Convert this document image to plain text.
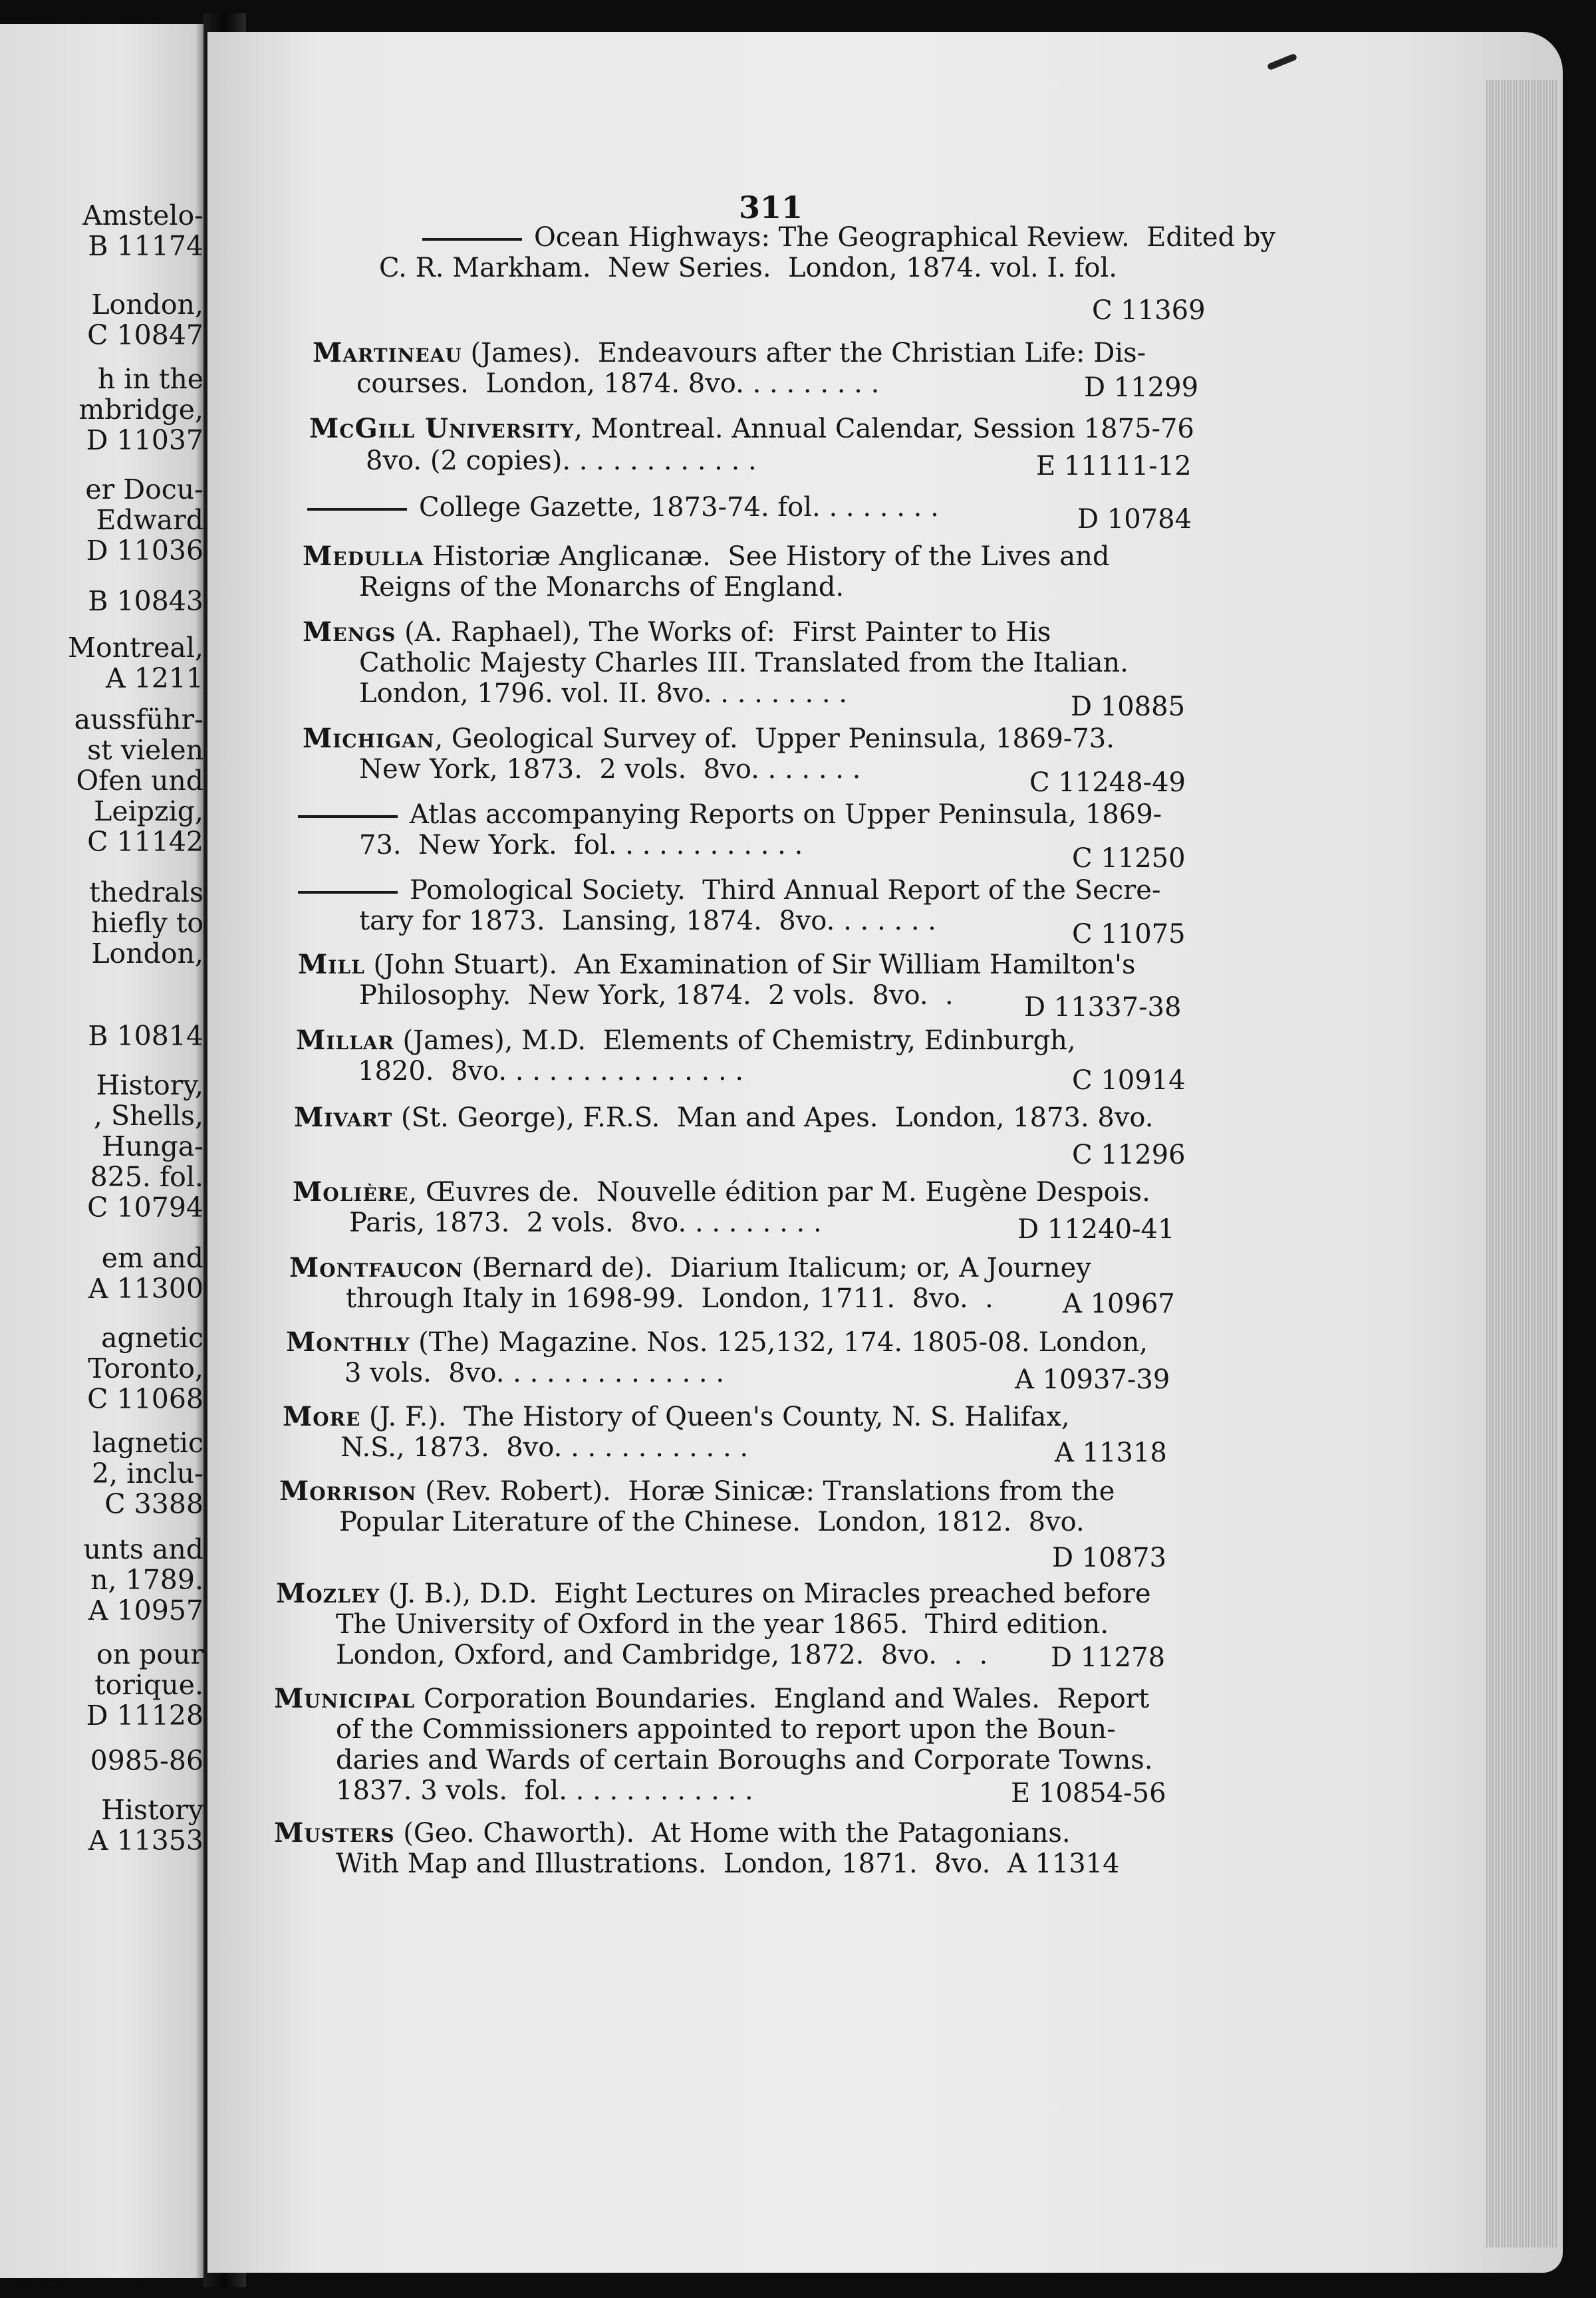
Amstelo-
B 11174
London,
C 10847
h in the
mbridge,
D 11037
er Docu-
Edward
D 11036
B 10843
Montreal,
A 1211
aussführ-
st vielen
Ofen und
Leipzig,
C 11142
thedrals
hiefly to
London,
B 10814
History,
, Shells,
Hunga-
825. fol.
C 10794
em and
A 11300
agnetic
Toronto,
C 11068
lagnetic
2, inclu-
C 3388
unts and
n, 1789.
A 10957
on pour
torique.
D 11128
0985-86
History
A 11353
311
Ocean Highways: The Geographical Review.  Edited by
C. R. Markham.  New Series.  London, 1874. vol. I. fol.
C 11369
Martineau (James).  Endeavours after the Christian Life: Dis-
courses.  London, 1874. 8vo. . . . . . . . .	D 11299
McGill University, Montreal. Annual Calendar, Session 1875-76
8vo. (2 copies). . . . . . . . . . . .	E 11111-12
College Gazette, 1873-74. fol. . . . . . . .	D 10784
Medulla Historiæ Anglicanæ.  See History of the Lives and
Reigns of the Monarchs of England.
Mengs (A. Raphael), The Works of:  First Painter to His
Catholic Majesty Charles III. Translated from the Italian.
London, 1796. vol. II. 8vo. . . . . . . . .	D 10885
Michigan, Geological Survey of.  Upper Peninsula, 1869-73.
New York, 1873.  2 vols.  8vo. . . . . . .	C 11248-49
Atlas accompanying Reports on Upper Peninsula, 1869-
73.  New York.  fol. . . . . . . . . . . .	C 11250
Pomological Society.  Third Annual Report of the Secre-
tary for 1873.  Lansing, 1874.  8vo. . . . . . .	C 11075
Mill (John Stuart).  An Examination of Sir William Hamilton's
Philosophy.  New York, 1874.  2 vols.  8vo.  .	D 11337-38
Millar (James), M.D.  Elements of Chemistry, Edinburgh,
1820.  8vo. . . . . . . . . . . . . . .	C 10914
Mivart (St. George), F.R.S.  Man and Apes.  London, 1873. 8vo.
C 11296
Molière, Œuvres de.  Nouvelle édition par M. Eugène Despois.
Paris, 1873.  2 vols.  8vo. . . . . . . . .	D 11240-41
Montfaucon (Bernard de).  Diarium Italicum; or, A Journey
through Italy in 1698-99.  London, 1711.  8vo.  .	A 10967
Monthly (The) Magazine. Nos. 125,132, 174. 1805-08. London,
3 vols.  8vo. . . . . . . . . . . . . .	A 10937-39
More (J. F.).  The History of Queen's County, N. S. Halifax,
N.S., 1873.  8vo. . . . . . . . . . . .	A 11318
Morrison (Rev. Robert).  Horæ Sinicæ: Translations from the
Popular Literature of the Chinese.  London, 1812.  8vo.
D 10873
Mozley (J. B.), D.D.  Eight Lectures on Miracles preached before
The University of Oxford in the year 1865.  Third edition.
London, Oxford, and Cambridge, 1872.  8vo.  .  . D 11278
Municipal Corporation Boundaries.  England and Wales.  Report
of the Commissioners appointed to report upon the Boun-
daries and Wards of certain Boroughs and Corporate Towns.
1837. 3 vols.  fol. . . . . . . . . . . .	E 10854-56
Musters (Geo. Chaworth).  At Home with the Patagonians.
With Map and Illustrations.  London, 1871.  8vo.  A 11314
